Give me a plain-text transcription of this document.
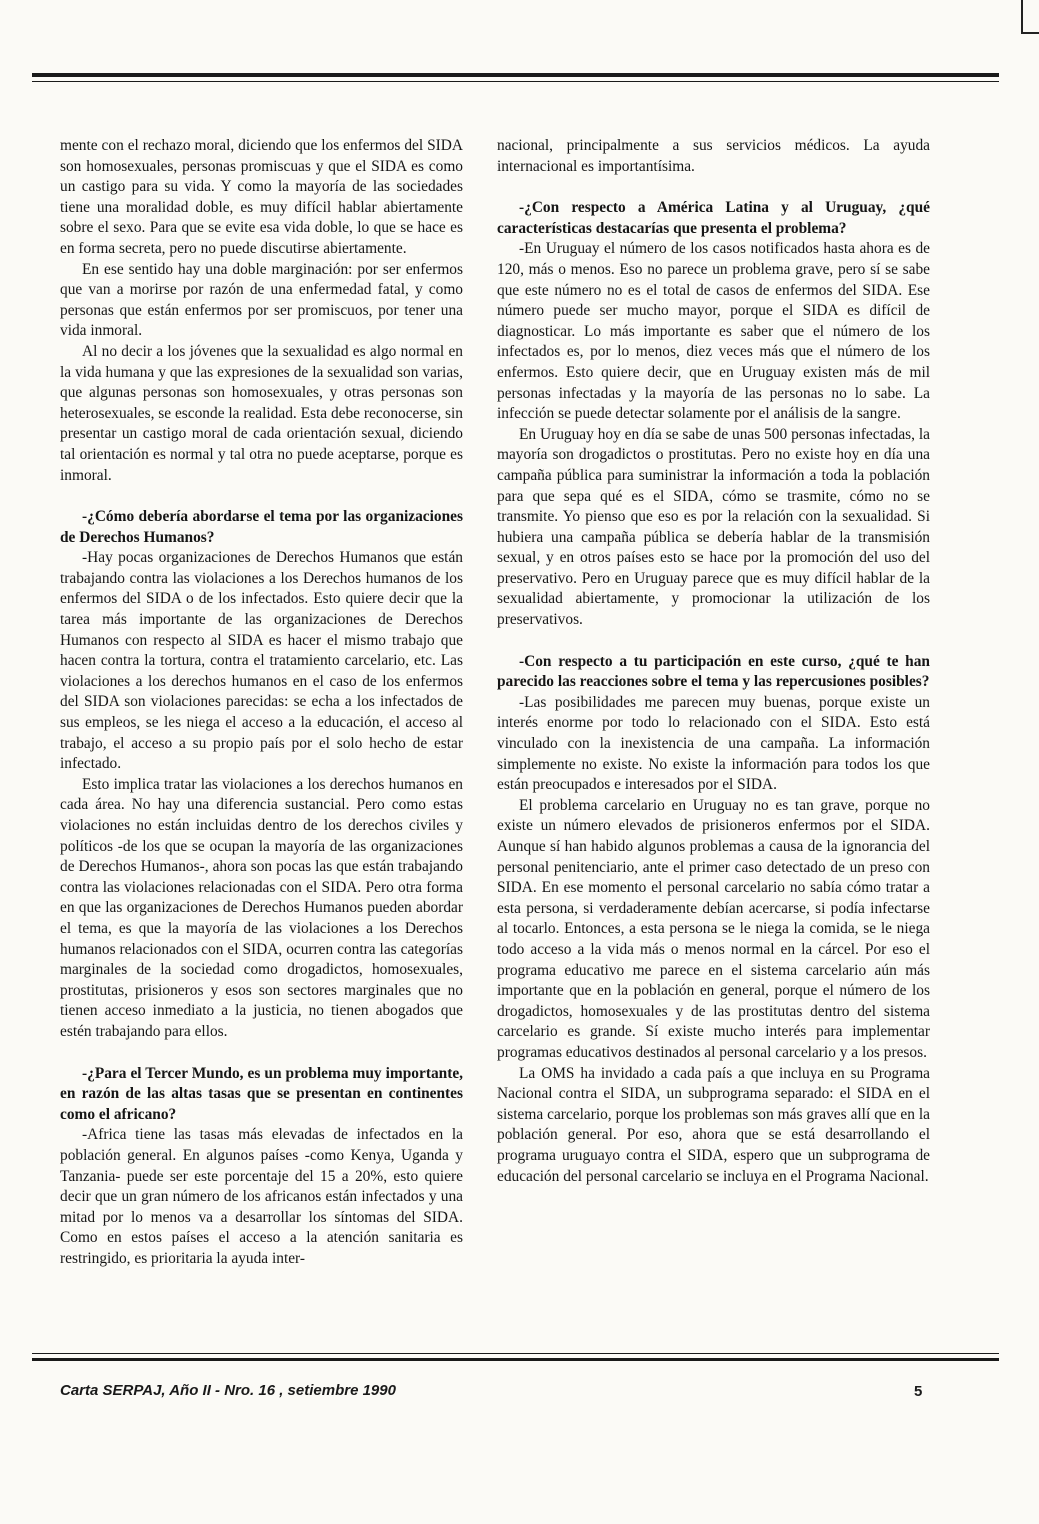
mente con el rechazo moral, diciendo que los enfermos del SIDA son homosexuales, personas promiscuas y que el SIDA es como un castigo para su vida. Y como la mayoría de las sociedades tiene una moralidad doble, es muy difícil hablar abiertamente sobre el sexo. Para que se evite esa vida doble, lo que se hace es en forma secreta, pero no puede discutirse abiertamente.

En ese sentido hay una doble marginación: por ser enfermos que van a morirse por razón de una enfermedad fatal, y como personas que están enfermos por ser promiscuos, por tener una vida inmoral.

Al no decir a los jóvenes que la sexualidad es algo normal en la vida humana y que las expresiones de la sexualidad son varias, que algunas personas son homosexuales, y otras personas son heterosexuales, se esconde la realidad. Esta debe reconocerse, sin presentar un castigo moral de cada orientación sexual, diciendo tal orientación es normal y tal otra no puede aceptarse, porque es inmoral.

-¿Cómo debería abordarse el tema por las organizaciones de Derechos Humanos?

-Hay pocas organizaciones de Derechos Humanos que están trabajando contra las violaciones a los Derechos humanos de los enfermos del SIDA o de los infectados. Esto quiere decir que la tarea más importante de las organizaciones de Derechos Humanos con respecto al SIDA es hacer el mismo trabajo que hacen contra la tortura, contra el tratamiento carcelario, etc. Las violaciones a los derechos humanos en el caso de los enfermos del SIDA son violaciones parecidas: se echa a los infectados de sus empleos, se les niega el acceso a la educación, el acceso al trabajo, el acceso a su propio país por el solo hecho de estar infectado.

Esto implica tratar las violaciones a los derechos humanos en cada área. No hay una diferencia sustancial. Pero como estas violaciones no están incluidas dentro de los derechos civiles y políticos -de los que se ocupan la mayoría de las organizaciones de Derechos Humanos-, ahora son pocas las que están trabajando contra las violaciones relacionadas con el SIDA. Pero otra forma en que las organizaciones de Derechos Humanos pueden abordar el tema, es que la mayoría de las violaciones a los Derechos humanos relacionados con el SIDA, ocurren contra las categorías marginales de la sociedad como drogadictos, homosexuales, prostitutas, prisioneros y esos son sectores marginales que no tienen acceso inmediato a la justicia, no tienen abogados que estén trabajando para ellos.

-¿Para el Tercer Mundo, es un problema muy importante, en razón de las altas tasas que se presentan en continentes como el africano?

-Africa tiene las tasas más elevadas de infectados en la población general. En algunos países -como Kenya, Uganda y Tanzania- puede ser este porcentaje del 15 a 20%, esto quiere decir que un gran número de los africanos están infectados y una mitad por lo menos va a desarrollar los síntomas del SIDA. Como en estos países el acceso a la atención sanitaria es restringido, es prioritaria la ayuda inter-

nacional, principalmente a sus servicios médicos. La ayuda internacional es importantísima.

-¿Con respecto a América Latina y al Uruguay, ¿qué características destacarías que presenta el problema?

-En Uruguay el número de los casos notificados hasta ahora es de 120, más o menos. Eso no parece un problema grave, pero sí se sabe que este número no es el total de casos de enfermos del SIDA. Ese número puede ser mucho mayor, porque el SIDA es difícil de diagnosticar. Lo más importante es saber que el número de los infectados es, por lo menos, diez veces más que el número de los enfermos. Esto quiere decir, que en Uruguay existen más de mil personas infectadas y la mayoría de las personas no lo sabe. La infección se puede detectar solamente por el análisis de la sangre.

En Uruguay hoy en día se sabe de unas 500 personas infectadas, la mayoría son drogadictos o prostitutas. Pero no existe hoy en día una campaña pública para suministrar la información a toda la población para que sepa qué es el SIDA, cómo se trasmite, cómo no se transmite. Yo pienso que eso es por la relación con la sexualidad. Si hubiera una campaña pública se debería hablar de la transmisión sexual, y en otros países esto se hace por la promoción del uso del preservativo. Pero en Uruguay parece que es muy difícil hablar de la sexualidad abiertamente, y promocionar la utilización de los preservativos.

-Con respecto a tu participación en este curso, ¿qué te han parecido las reacciones sobre el tema y las repercusiones posibles?

-Las posibilidades me parecen muy buenas, porque existe un interés enorme por todo lo relacionado con el SIDA. Esto está vinculado con la inexistencia de una campaña. La información simplemente no existe. No existe la información para todos los que están preocupados e interesados por el SIDA.

El problema carcelario en Uruguay no es tan grave, porque no existe un número elevados de prisioneros enfermos por el SIDA. Aunque sí han habido algunos problemas a causa de la ignorancia del personal penitenciario, ante el primer caso detectado de un preso con SIDA. En ese momento el personal carcelario no sabía cómo tratar a esta persona, si verdaderamente debían acercarse, si podía infectarse al tocarlo. Entonces, a esta persona se le niega la comida, se le niega todo acceso a la vida más o menos normal en la cárcel. Por eso el programa educativo me parece en el sistema carcelario aún más importante que en la población en general, porque el número de los drogadictos, homosexuales y de las prostitutas dentro del sistema carcelario es grande. Sí existe mucho interés para implementar programas educativos destinados al personal carcelario y a los presos.

La OMS ha invidado a cada país a que incluya en su Programa Nacional contra el SIDA, un subprograma separado: el SIDA en el sistema carcelario, porque los problemas son más graves allí que en la población general. Por eso, ahora que se está desarrollando el programa uruguayo contra el SIDA, espero que un subprograma de educación del personal carcelario se incluya en el Programa Nacional.

Carta SERPAJ, Año II - Nro. 16 , setiembre 1990	5
